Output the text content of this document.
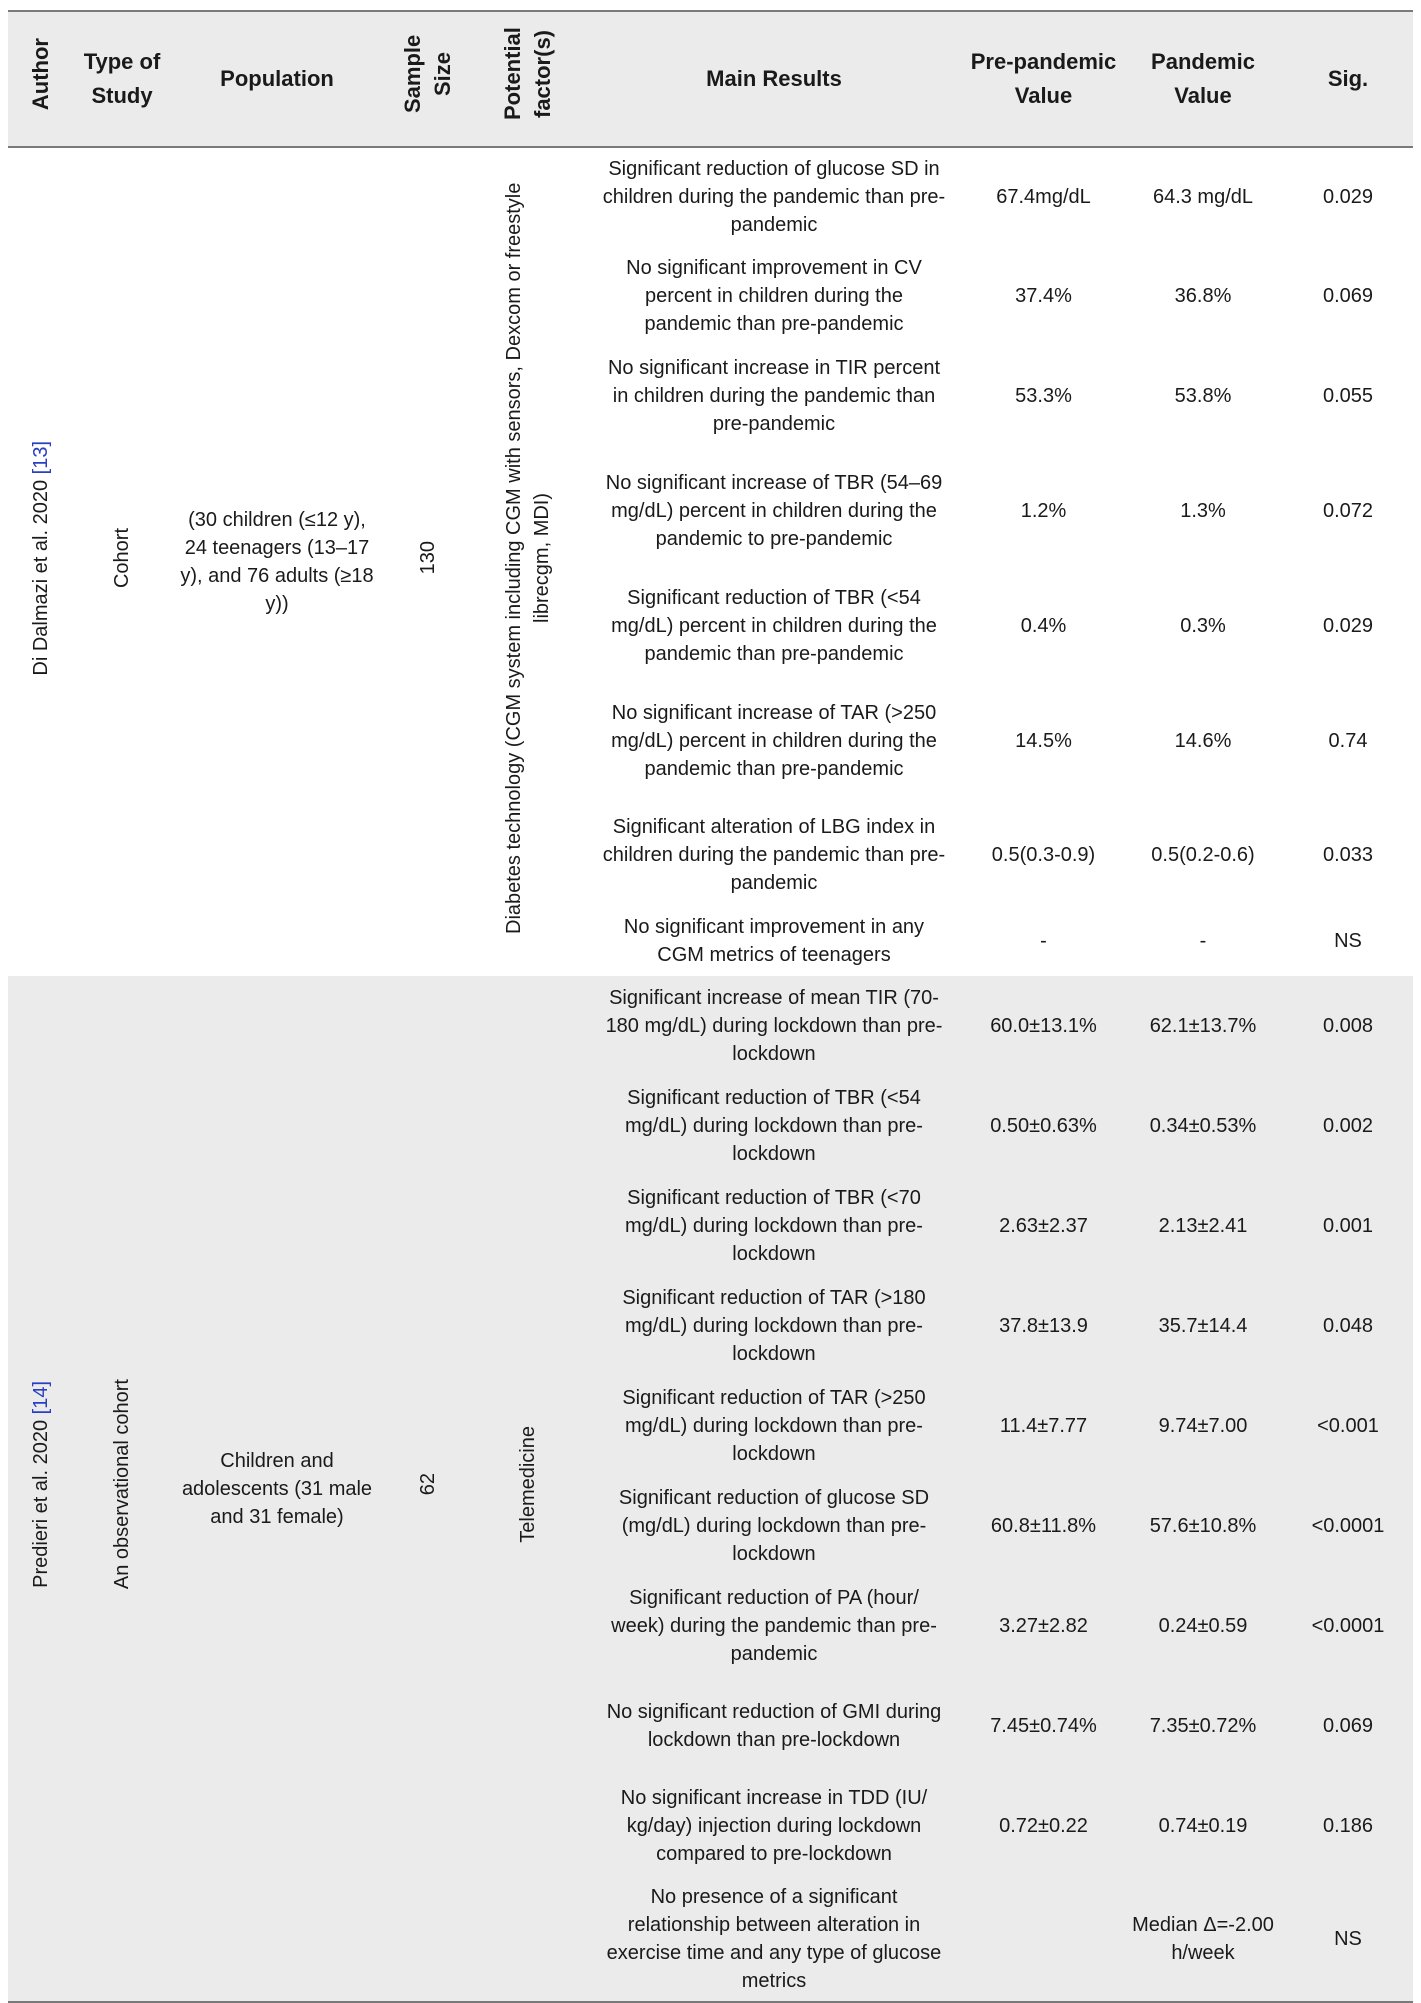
Author	Type of Study	Population	Sample Size	Potential factor(s)	Main Results	Pre-pandemic Value	Pandemic Value	Sig.
Di Dalmazi et al. 2020 [13]	Cohort	(30 children (≤12 y), 24 teenagers (13–17 y), and 76 adults (≥18 y))	130	Diabetes technology (CGM system including CGM with sensors, Dexcom or freestyle librecgm, MDI)	Significant reduction of glucose SD in children during the pandemic than pre-pandemic	67.4mg/dL	64.3 mg/dL	0.029
					No significant improvement in CV percent in children during the pandemic than pre-pandemic	37.4%	36.8%	0.069
					No significant increase in TIR percent in children during the pandemic than pre-pandemic	53.3%	53.8%	0.055
					No significant increase of TBR (54–69 mg/dL) percent in children during the pandemic to pre-pandemic	1.2%	1.3%	0.072
					Significant reduction of TBR (<54 mg/dL) percent in children during the pandemic than pre-pandemic	0.4%	0.3%	0.029
					No significant increase of TAR (>250 mg/dL) percent in children during the pandemic than pre-pandemic	14.5%	14.6%	0.74
					Significant alteration of LBG index in children during the pandemic than pre-pandemic	0.5(0.3-0.9)	0.5(0.2-0.6)	0.033
					No significant improvement in any CGM metrics of teenagers	-	-	NS
Predieri et al. 2020 [14]	An observational cohort	Children and adolescents (31 male and 31 female)	62	Telemedicine	Significant increase of mean TIR (70-180 mg/dL) during lockdown than pre-lockdown	60.0±13.1%	62.1±13.7%	0.008
					Significant reduction of TBR (<54 mg/dL) during lockdown than pre-lockdown	0.50±0.63%	0.34±0.53%	0.002
					Significant reduction of TBR (<70 mg/dL) during lockdown than pre-lockdown	2.63±2.37	2.13±2.41	0.001
					Significant reduction of TAR (>180 mg/dL) during lockdown than pre-lockdown	37.8±13.9	35.7±14.4	0.048
					Significant reduction of TAR (>250 mg/dL) during lockdown than pre-lockdown	11.4±7.77	9.74±7.00	<0.001
					Significant reduction of glucose SD (mg/dL) during lockdown than pre-lockdown	60.8±11.8%	57.6±10.8%	<0.0001
					Significant reduction of PA (hour/ week) during the pandemic than pre-pandemic	3.27±2.82	0.24±0.59	<0.0001
					No significant reduction of GMI during lockdown than pre-lockdown	7.45±0.74%	7.35±0.72%	0.069
					No significant increase in TDD (IU/ kg/day) injection during lockdown compared to pre-lockdown	0.72±0.22	0.74±0.19	0.186
					No presence of a significant relationship between alteration in exercise time and any type of glucose metrics		Median Δ=-2.00 h/week	NS
